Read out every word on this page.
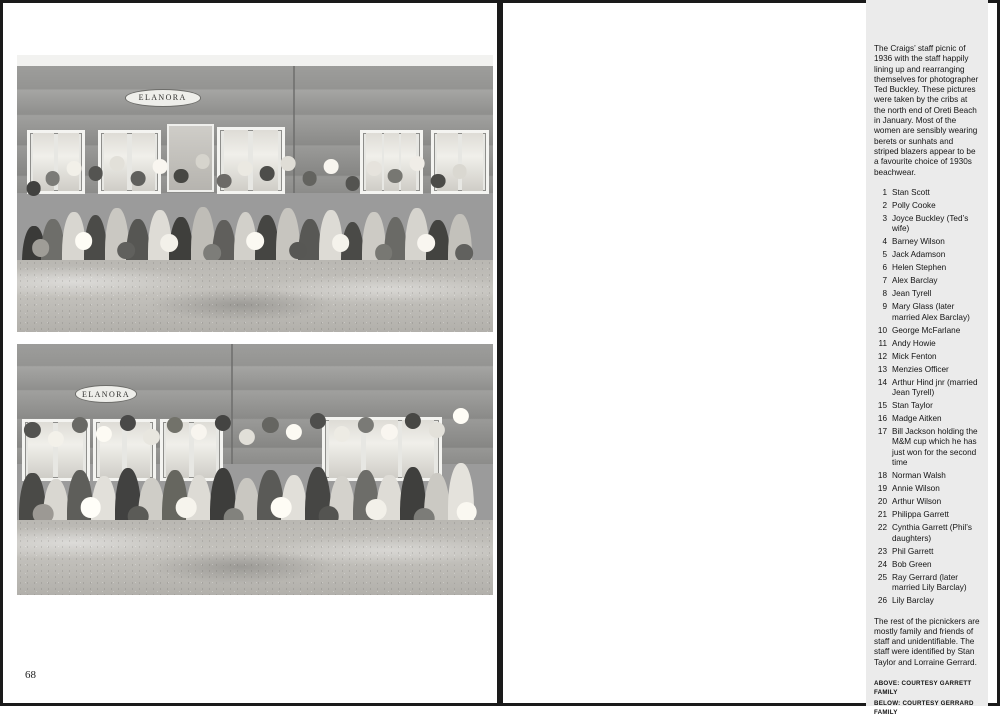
ELANORA
ELANORA
68

The Craigs’ staff picnic of 1936 with the staff happily lining up and rearranging themselves for photographer Ted Buckley. These pictures were taken by the cribs at the north end of Oreti Beach in January. Most of the women are sensibly wearing berets or sunhats and striped blazers appear to be a favourite choice of 1930s beachwear.

1 Stan Scott
2 Polly Cooke
3 Joyce Buckley (Ted’s wife)
4 Barney Wilson
5 Jack Adamson
6 Helen Stephen
7 Alex Barclay
8 Jean Tyrell
9 Mary Glass (later married Alex Barclay)
10 George McFarlane
11 Andy Howie
12 Mick Fenton
13 Menzies Officer
14 Arthur Hind jnr (married Jean Tyrell)
15 Stan Taylor
16 Madge Aitken
17 Bill Jackson holding the M&M cup which he has just won for the second time
18 Norman Walsh
19 Annie Wilson
20 Arthur Wilson
21 Philippa Garrett
22 Cynthia Garrett (Phil’s daughters)
23 Phil Garrett
24 Bob Green
25 Ray Gerrard (later married Lily Barclay)
26 Lily Barclay

The rest of the picnickers are mostly family and friends of staff and unidentifiable. The staff were identified by Stan Taylor and Lorraine Gerrard.

ABOVE: COURTESY GARRETT FAMILY
BELOW: COURTESY GERRARD FAMILY
